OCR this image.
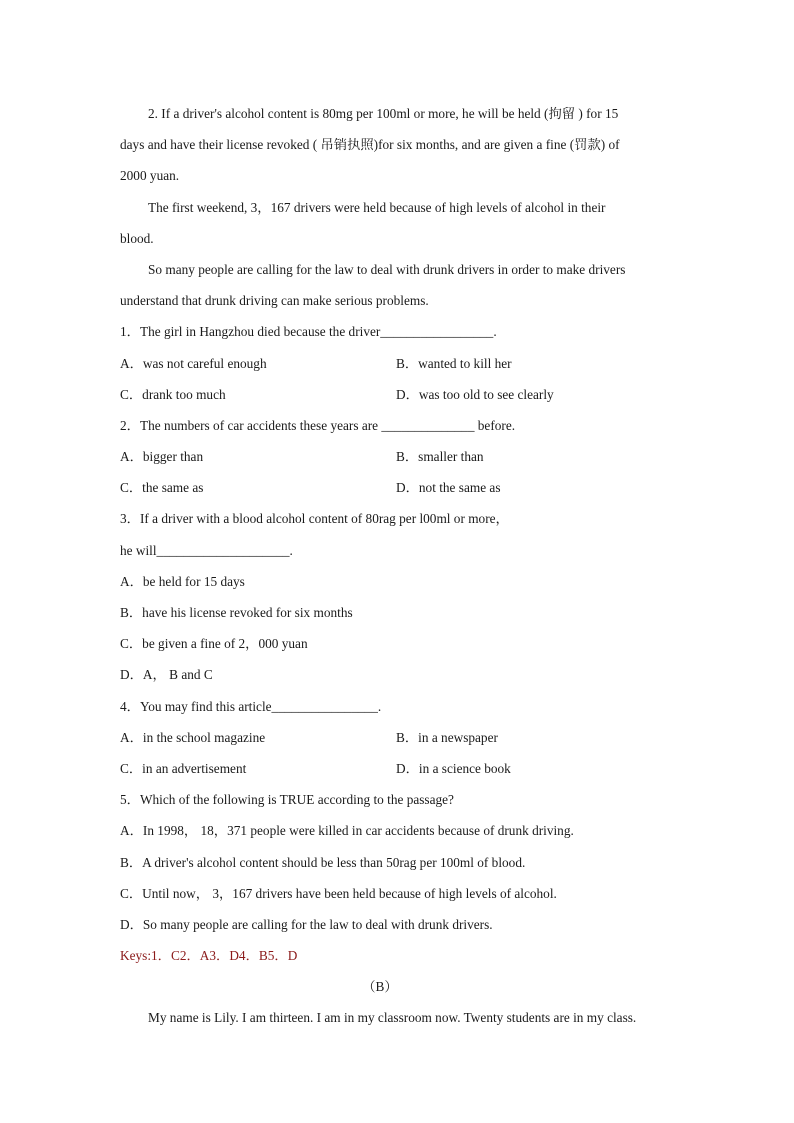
2. If a driver's alcohol content is 80mg per 100ml or more, he will be held (拘留 ) for 15
days and have their license revoked ( 吊销执照)for six months, and are given a fine (罚款) of
2000 yuan.
The first weekend, 3，167 drivers were held because of high levels of alcohol in their
blood.
So many people are calling for the law to deal with drunk drivers in order to make drivers
understand that drunk driving can make serious problems.
1．The girl in Hangzhou died because the driver_________________.
A．was not careful enough	B．wanted to kill her
C．drank too much	D．was too old to see clearly
2．The numbers of car accidents these years are ______________ before.
A．bigger than	B．smaller than
C．the same as	D．not the same as
3．If a driver with a blood alcohol content of 80rag per l00ml or more，
he will____________________.
A．be held for 15 days
B．have his license revoked for six months
C．be given a fine of 2，000 yuan
D．A， B and C
4．You may find this article________________.
A．in the school magazine	B．in a newspaper
C．in an advertisement	D．in a science book
5．Which of the following is TRUE according to the passage?
A．In 1998， 18，371 people were killed in car accidents because of drunk driving.
B．A driver's alcohol content should be less than 50rag per 100ml of blood.
C．Until now， 3，167 drivers have been held because of high levels of alcohol.
D．So many people are calling for the law to deal with drunk drivers.
Keys:1．C2．A3．D4．B5．D
（B）
My name is Lily. I am thirteen. I am in my classroom now. Twenty students are in my class.
